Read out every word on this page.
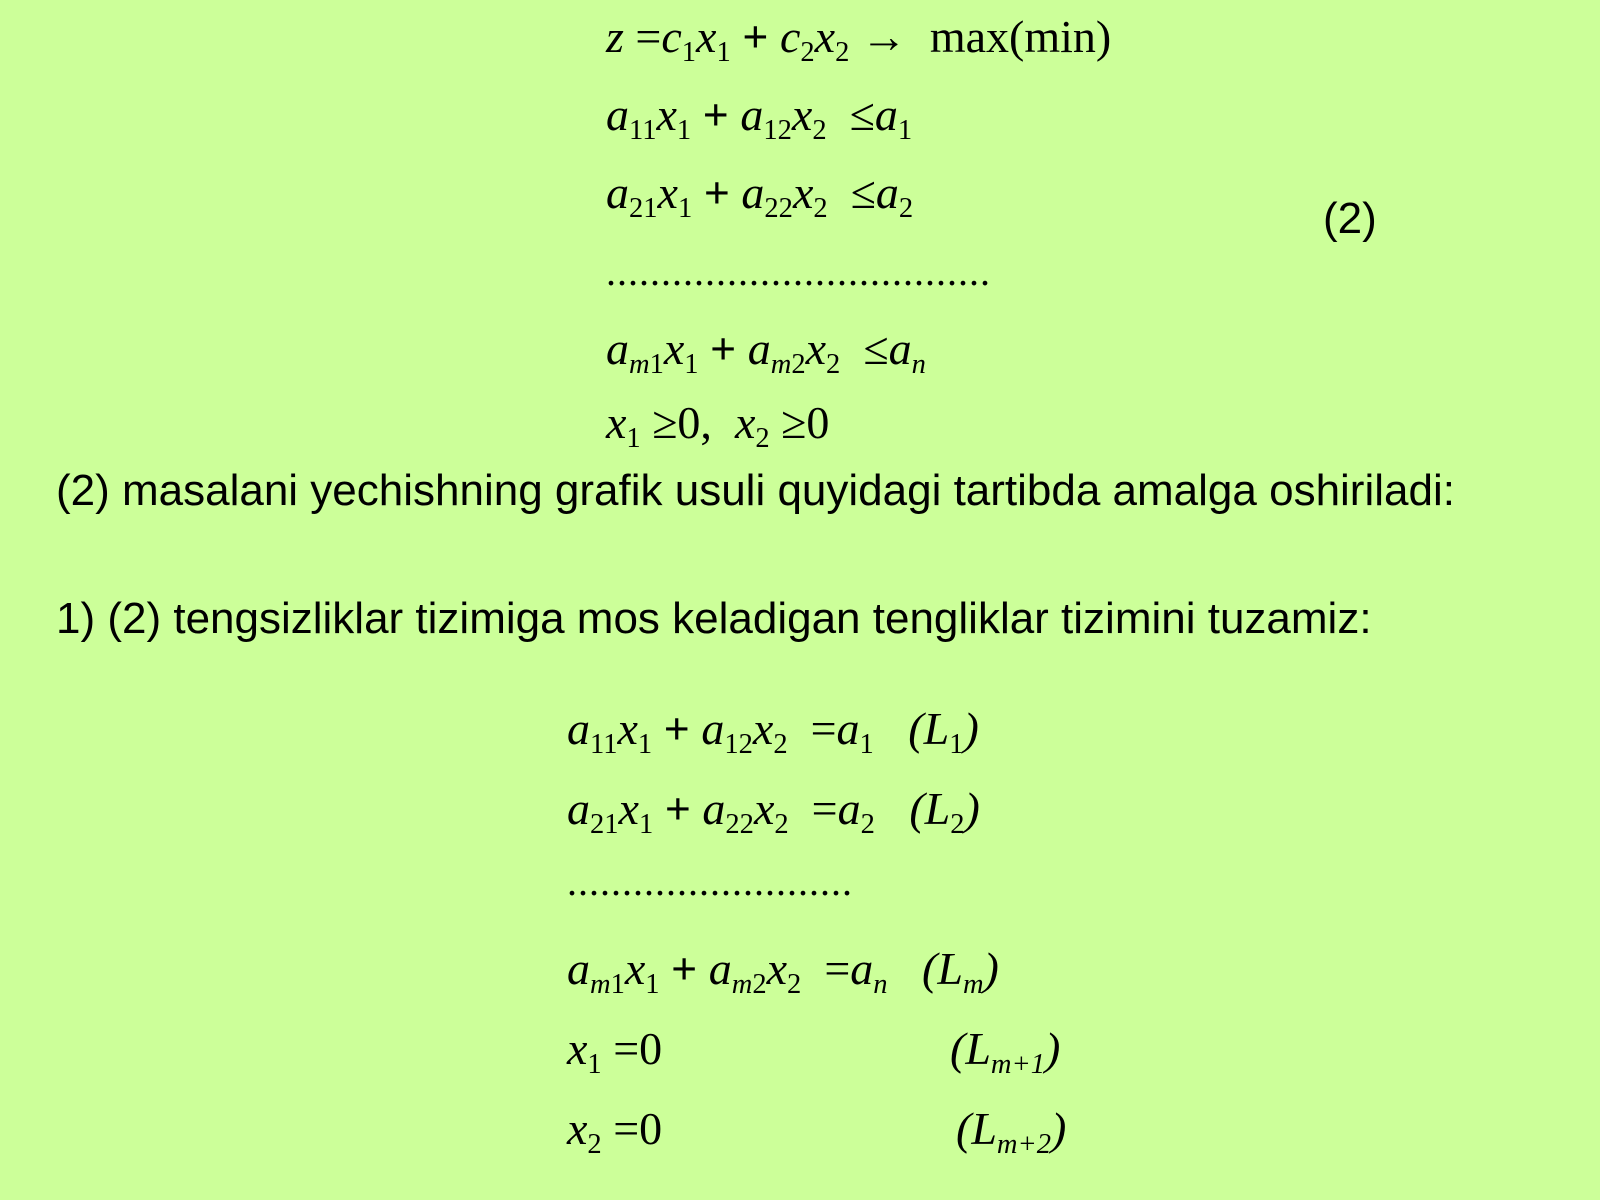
$z =c_1x_1 + c_2x_2 \to \max(\min)$
$a_{11}x_1 + a_{12}x_2 \le a_1$
$a_{21}x_1 + a_{22}x_2 \le a_2$	(2)
...................................
$a_{m1}x_1 + a_{m2}x_2 \le a_n$
$x_1 \ge 0$, $x_2 \ge 0$
(2) masalani yechishning grafik usuli quyidagi tartibda amalga oshiriladi:
1) (2) tengsizliklar tizimiga mos keladigan tengliklar tizimini tuzamiz:
$a_{11}x_1 + a_{12}x_2 =a_1$ $(L_1)$
$a_{21}x_1 + a_{22}x_2 =a_2$ $(L_2)$
..........................
$a_{m1}x_1 + a_{m2}x_2 =a_n$ $(L_m)$
$x_1 =0$	$(L_{m+1})$
$x_2 =0$	$(L_{m+2})$
